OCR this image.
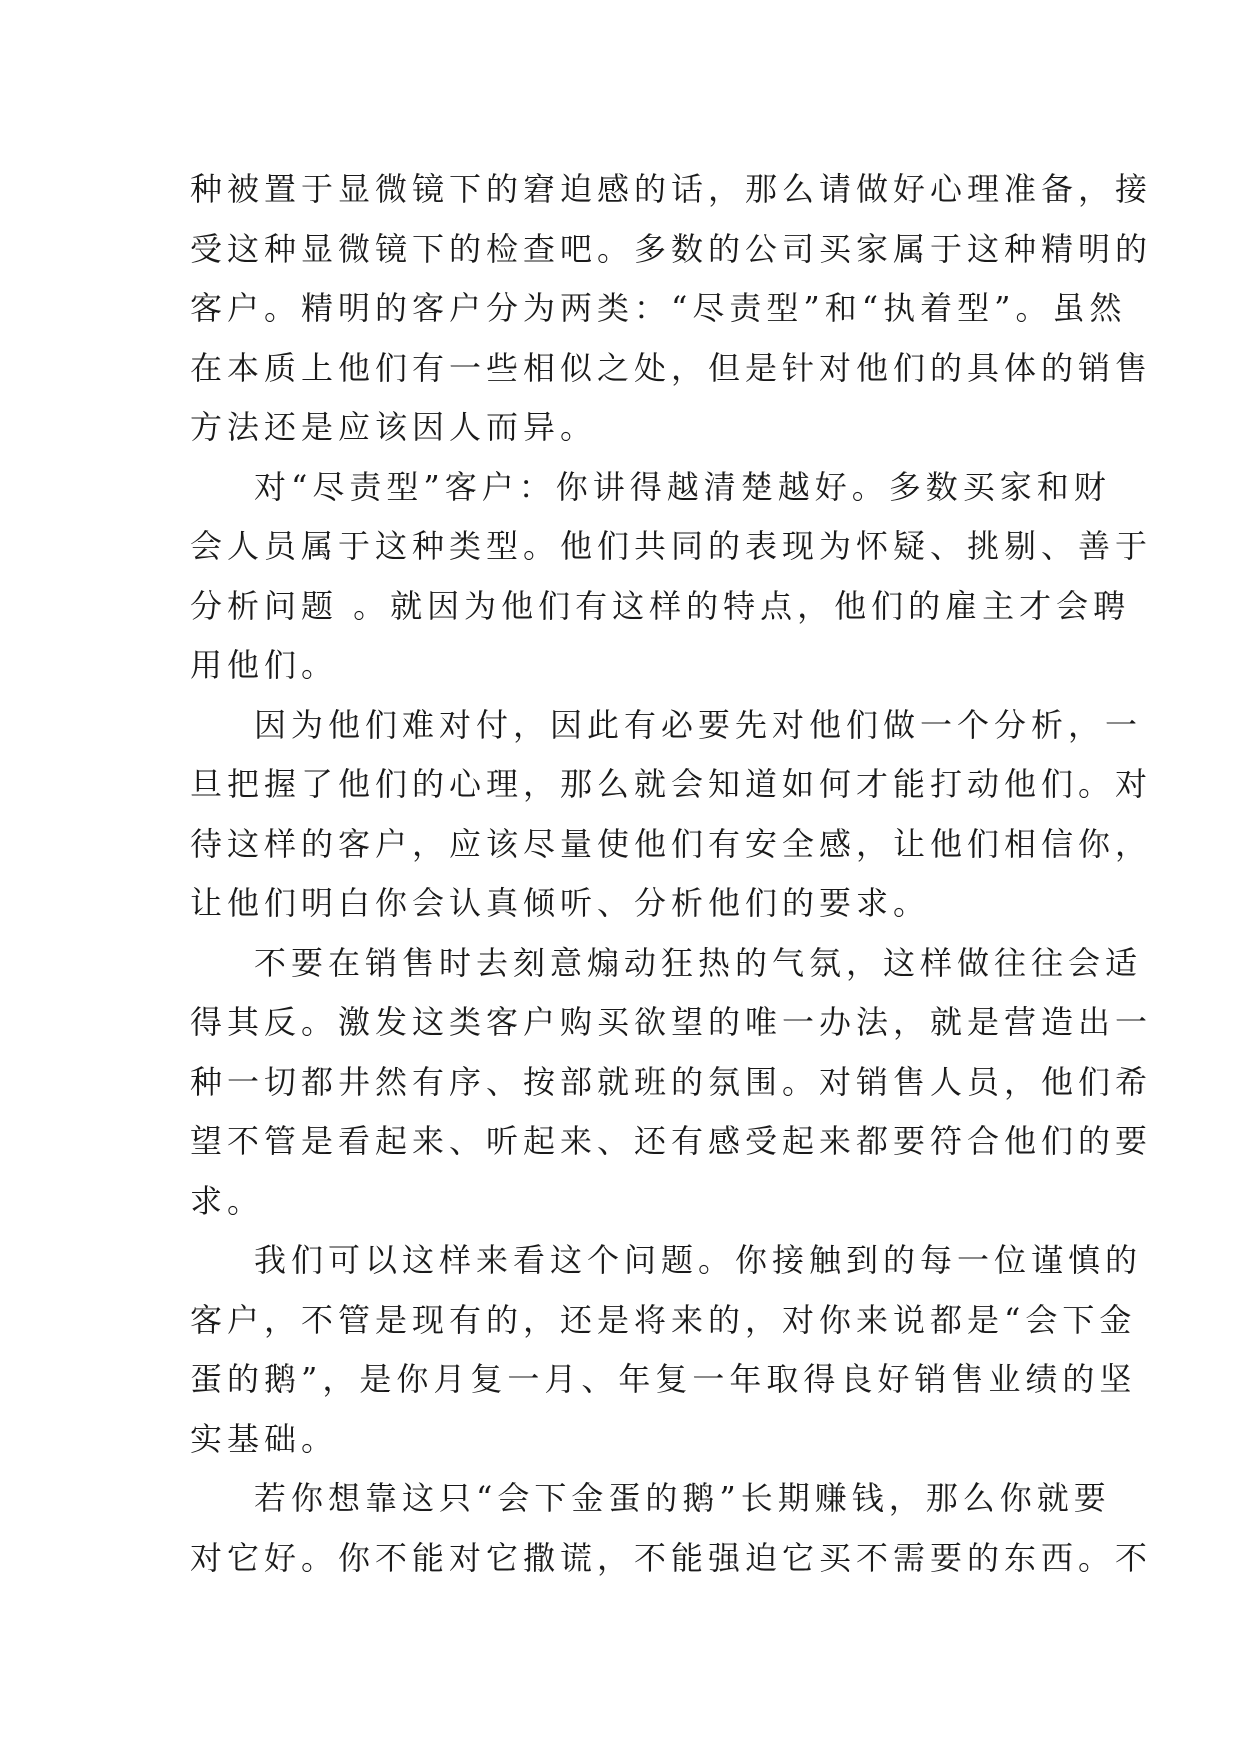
种被置于显微镜下的窘迫感的话，那么请做好心理准备，接
受这种显微镜下的检查吧。多数的公司买家属于这种精明的
客户。精明的客户分为两类：“尽责型”和“执着型”。虽然
在本质上他们有一些相似之处，但是针对他们的具体的销售
方法还是应该因人而异。
对“尽责型”客户：你讲得越清楚越好。多数买家和财
会人员属于这种类型。他们共同的表现为怀疑、挑剔、善于
分析问题 。就因为他们有这样的特点，他们的雇主才会聘
用他们。
因为他们难对付，因此有必要先对他们做一个分析，一
旦把握了他们的心理，那么就会知道如何才能打动他们。对
待这样的客户，应该尽量使他们有安全感，让他们相信你，
让他们明白你会认真倾听、分析他们的要求。
不要在销售时去刻意煽动狂热的气氛，这样做往往会适
得其反。激发这类客户购买欲望的唯一办法，就是营造出一
种一切都井然有序、按部就班的氛围。对销售人员，他们希
望不管是看起来、听起来、还有感受起来都要符合他们的要
求。
我们可以这样来看这个问题。你接触到的每一位谨慎的
客户，不管是现有的，还是将来的，对你来说都是“会下金
蛋的鹅”，是你月复一月、年复一年取得良好销售业绩的坚
实基础。
若你想靠这只“会下金蛋的鹅”长期赚钱，那么你就要
对它好。你不能对它撒谎，不能强迫它买不需要的东西。不
